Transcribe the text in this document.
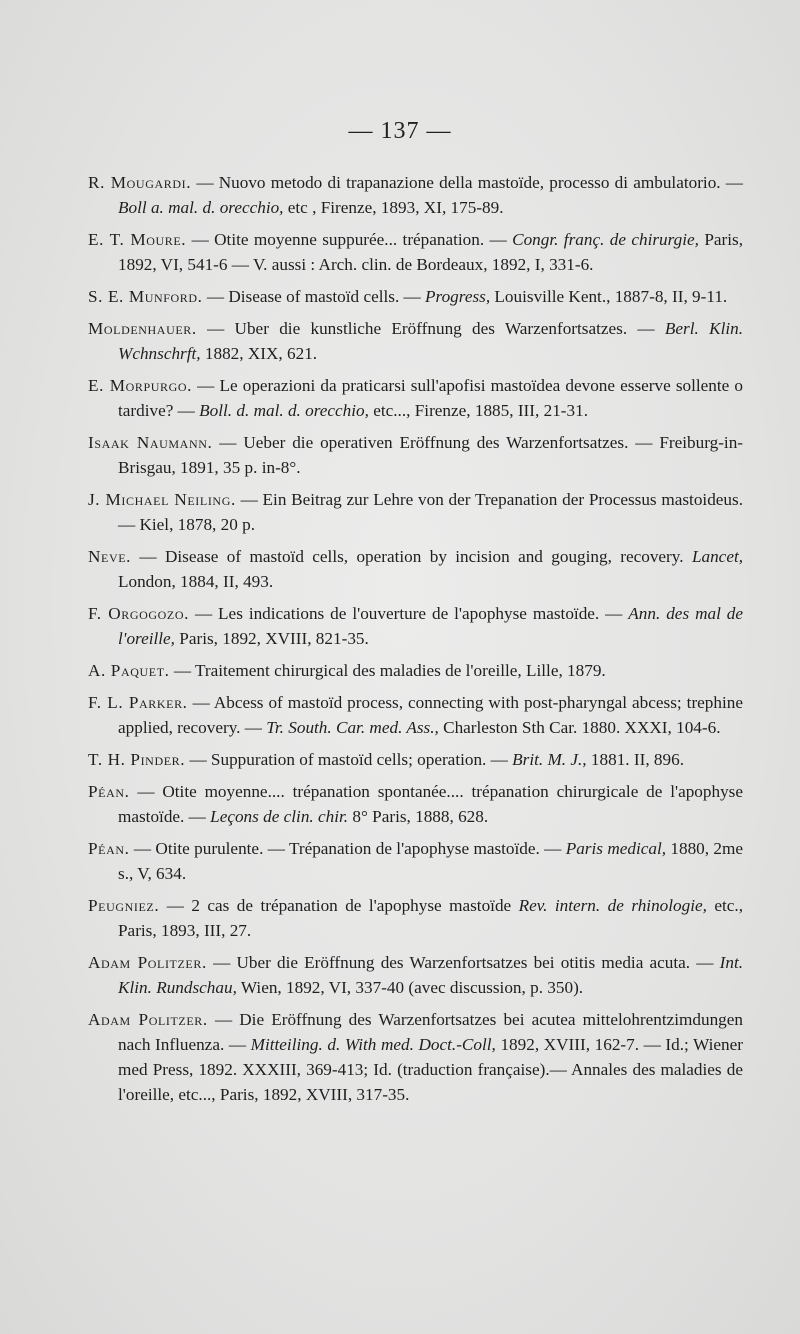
— 137 —

R. Mougardi. — Nuovo metodo di trapanazione della mastoïde, processo di ambulatorio. — Boll a. mal. d. orecchio, etc , Firenze, 1893, XI, 175-89.

E. T. Moure. — Otite moyenne suppurée... trépanation. — Congr. franç. de chirurgie, Paris, 1892, VI, 541-6 — V. aussi : Arch. clin. de Bordeaux, 1892, I, 331-6.

S. E. Munford. — Disease of mastoïd cells. — Progress, Louisville Kent., 1887-8, II, 9-11.

Moldenhauer. — Uber die kunstliche Eröffnung des Warzenfortsatzes. — Berl. Klin. Wchnschrft, 1882, XIX, 621.

E. Morpurgo. — Le operazioni da praticarsi sull'apofisi mastoïdea devone esserve sollente o tardive? — Boll. d. mal. d. orecchio, etc..., Firenze, 1885, III, 21-31.

Isaak Naumann. — Ueber die operativen Eröffnung des Warzenfortsatzes. — Freiburg-in-Brisgau, 1891, 35 p. in-8°.

J. Michael Neiling. — Ein Beitrag zur Lehre von der Trepanation der Processus mastoideus. — Kiel, 1878, 20 p.

Neve. — Disease of mastoïd cells, operation by incision and gouging, recovery. Lancet, London, 1884, II, 493.

F. Orgogozo. — Les indications de l'ouverture de l'apophyse mastoïde. — Ann. des mal de l'oreille, Paris, 1892, XVIII, 821-35.

A. Paquet. — Traitement chirurgical des maladies de l'oreille, Lille, 1879.

F. L. Parker. — Abcess of mastoïd process, connecting with post-pharyngal abcess; trephine applied, recovery. — Tr. South. Car. med. Ass., Charleston Sth Car. 1880. XXXI, 104-6.

T. H. Pinder. — Suppuration of mastoïd cells; operation. — Brit. M. J., 1881. II, 896.

Péan. — Otite moyenne.... trépanation spontanée.... trépanation chirurgicale de l'apophyse mastoïde. — Leçons de clin. chir. 8° Paris, 1888, 628.

Péan. — Otite purulente. — Trépanation de l'apophyse mastoïde. — Paris medical, 1880, 2me s., V, 634.

Peugniez. — 2 cas de trépanation de l'apophyse mastoïde Rev. intern. de rhinologie, etc., Paris, 1893, III, 27.

Adam Politzer. — Uber die Eröffnung des Warzenfortsatzes bei otitis media acuta. — Int. Klin. Rundschau, Wien, 1892, VI, 337-40 (avec discussion, p. 350).

Adam Politzer. — Die Eröffnung des Warzenfortsatzes bei acutea mittelohrentzimdungen nach Influenza. — Mitteiling. d. With med. Doct.-Coll, 1892, XVIII, 162-7. — Id.; Wiener med Press, 1892. XXXIII, 369-413; Id. (traduction française).— Annales des maladies de l'oreille, etc..., Paris, 1892, XVIII, 317-35.
